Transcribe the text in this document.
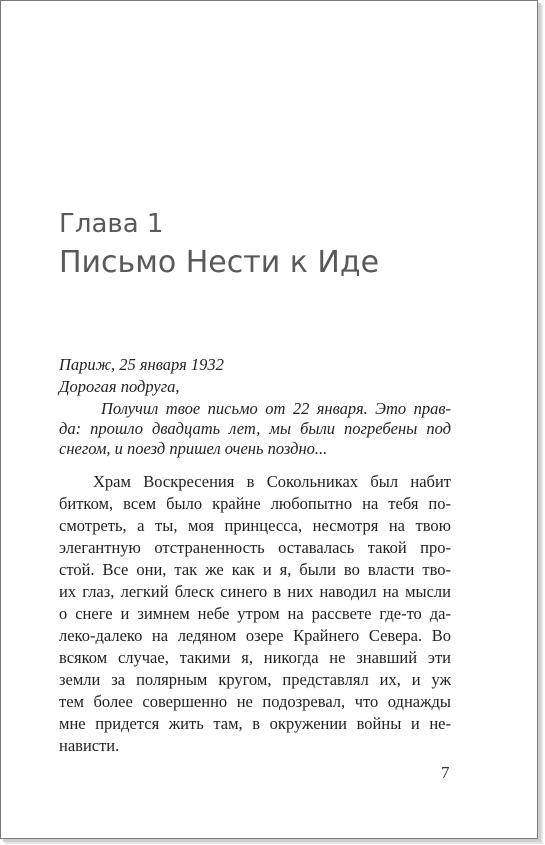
Глава 1
Письмо Нести к Иде
Париж, 25 января 1932
Дорогая подруга,
Получил твое письмо от 22 января. Это прав-
да: прошло двадцать лет, мы были погребены под
снегом, и поезд пришел очень поздно...
Храм Воскресения в Сокольниках был набит
битком, всем было крайне любопытно на тебя по-
смотреть, а ты, моя принцесса, несмотря на твою
элегантную отстраненность оставалась такой про-
стой. Все они, так же как и я, были во власти тво-
их глаз, легкий блеск синего в них наводил на мысли
о снеге и зимнем небе утром на рассвете где-то да-
леко-далеко на ледяном озере Крайнего Севера. Во
всяком случае, такими я, никогда не знавший эти
земли за полярным кругом, представлял их, и уж
тем более совершенно не подозревал, что однажды
мне придется жить там, в окружении войны и не-
нависти.
7
